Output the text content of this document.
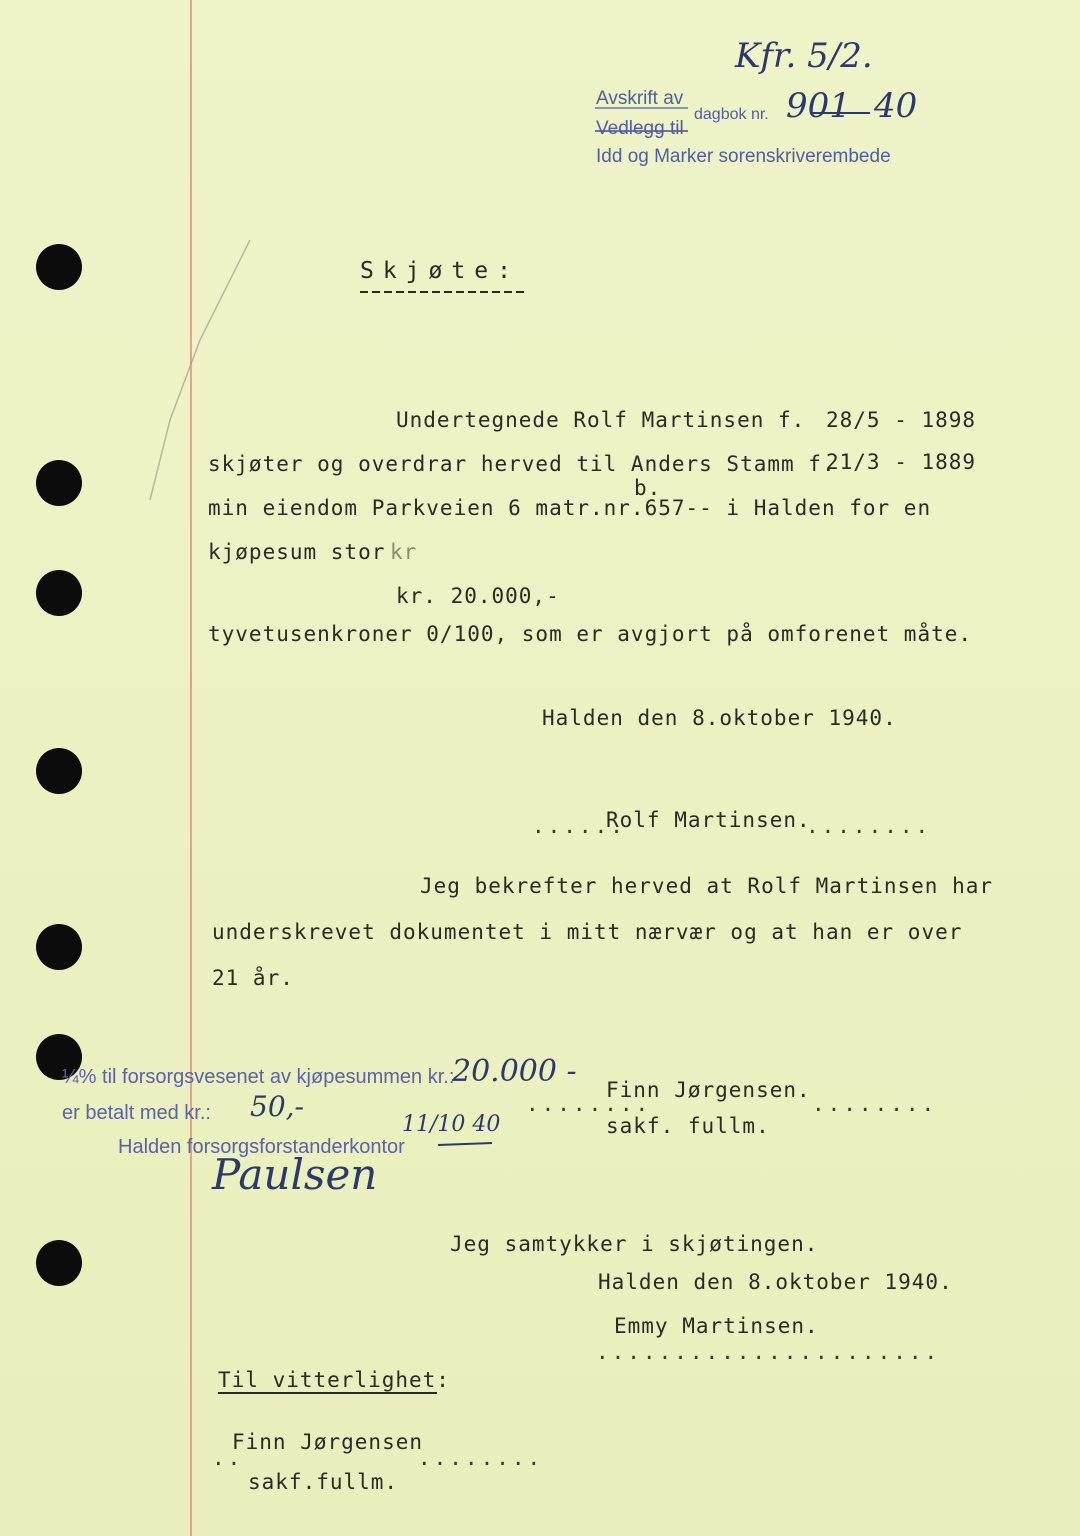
Kfr. 5/2.
Avskrift av
dagbok nr. 901 40
Vedlegg til
Idd og Marker sorenskriverembede
Skjøte:
Undertegnede Rolf Martinsen f. 28/5 - 1898
skjøter og overdrar herved til Anders Stamm f.
21/3 - 1889
b.
min eiendom Parkveien 6 matr.nr.657-- i Halden for en
kjøpesum stor kr
kr. 20.000,-
tyvetusenkroner 0/100, som er avgjort på omforenet måte.
Halden den 8.oktober 1940.
......
Rolf Martinsen.
........
Jeg bekrefter herved at Rolf Martinsen har
underskrevet dokumentet i mitt nærvær og at han er over
21 år.
¼% til forsorgsvesenet av kjøpesummen kr.:
20.000 -
er betalt med kr.: 50,-
Halden forsorgsforstanderkontor
11/10 40
Paulsen
........
Finn Jørgensen.
........
sakf. fullm.
Jeg samtykker i skjøtingen.
Halden den 8.oktober 1940.
Emmy Martinsen.
......................
Til vitterlighet:
..
Finn Jørgensen
........
sakf.fullm.
